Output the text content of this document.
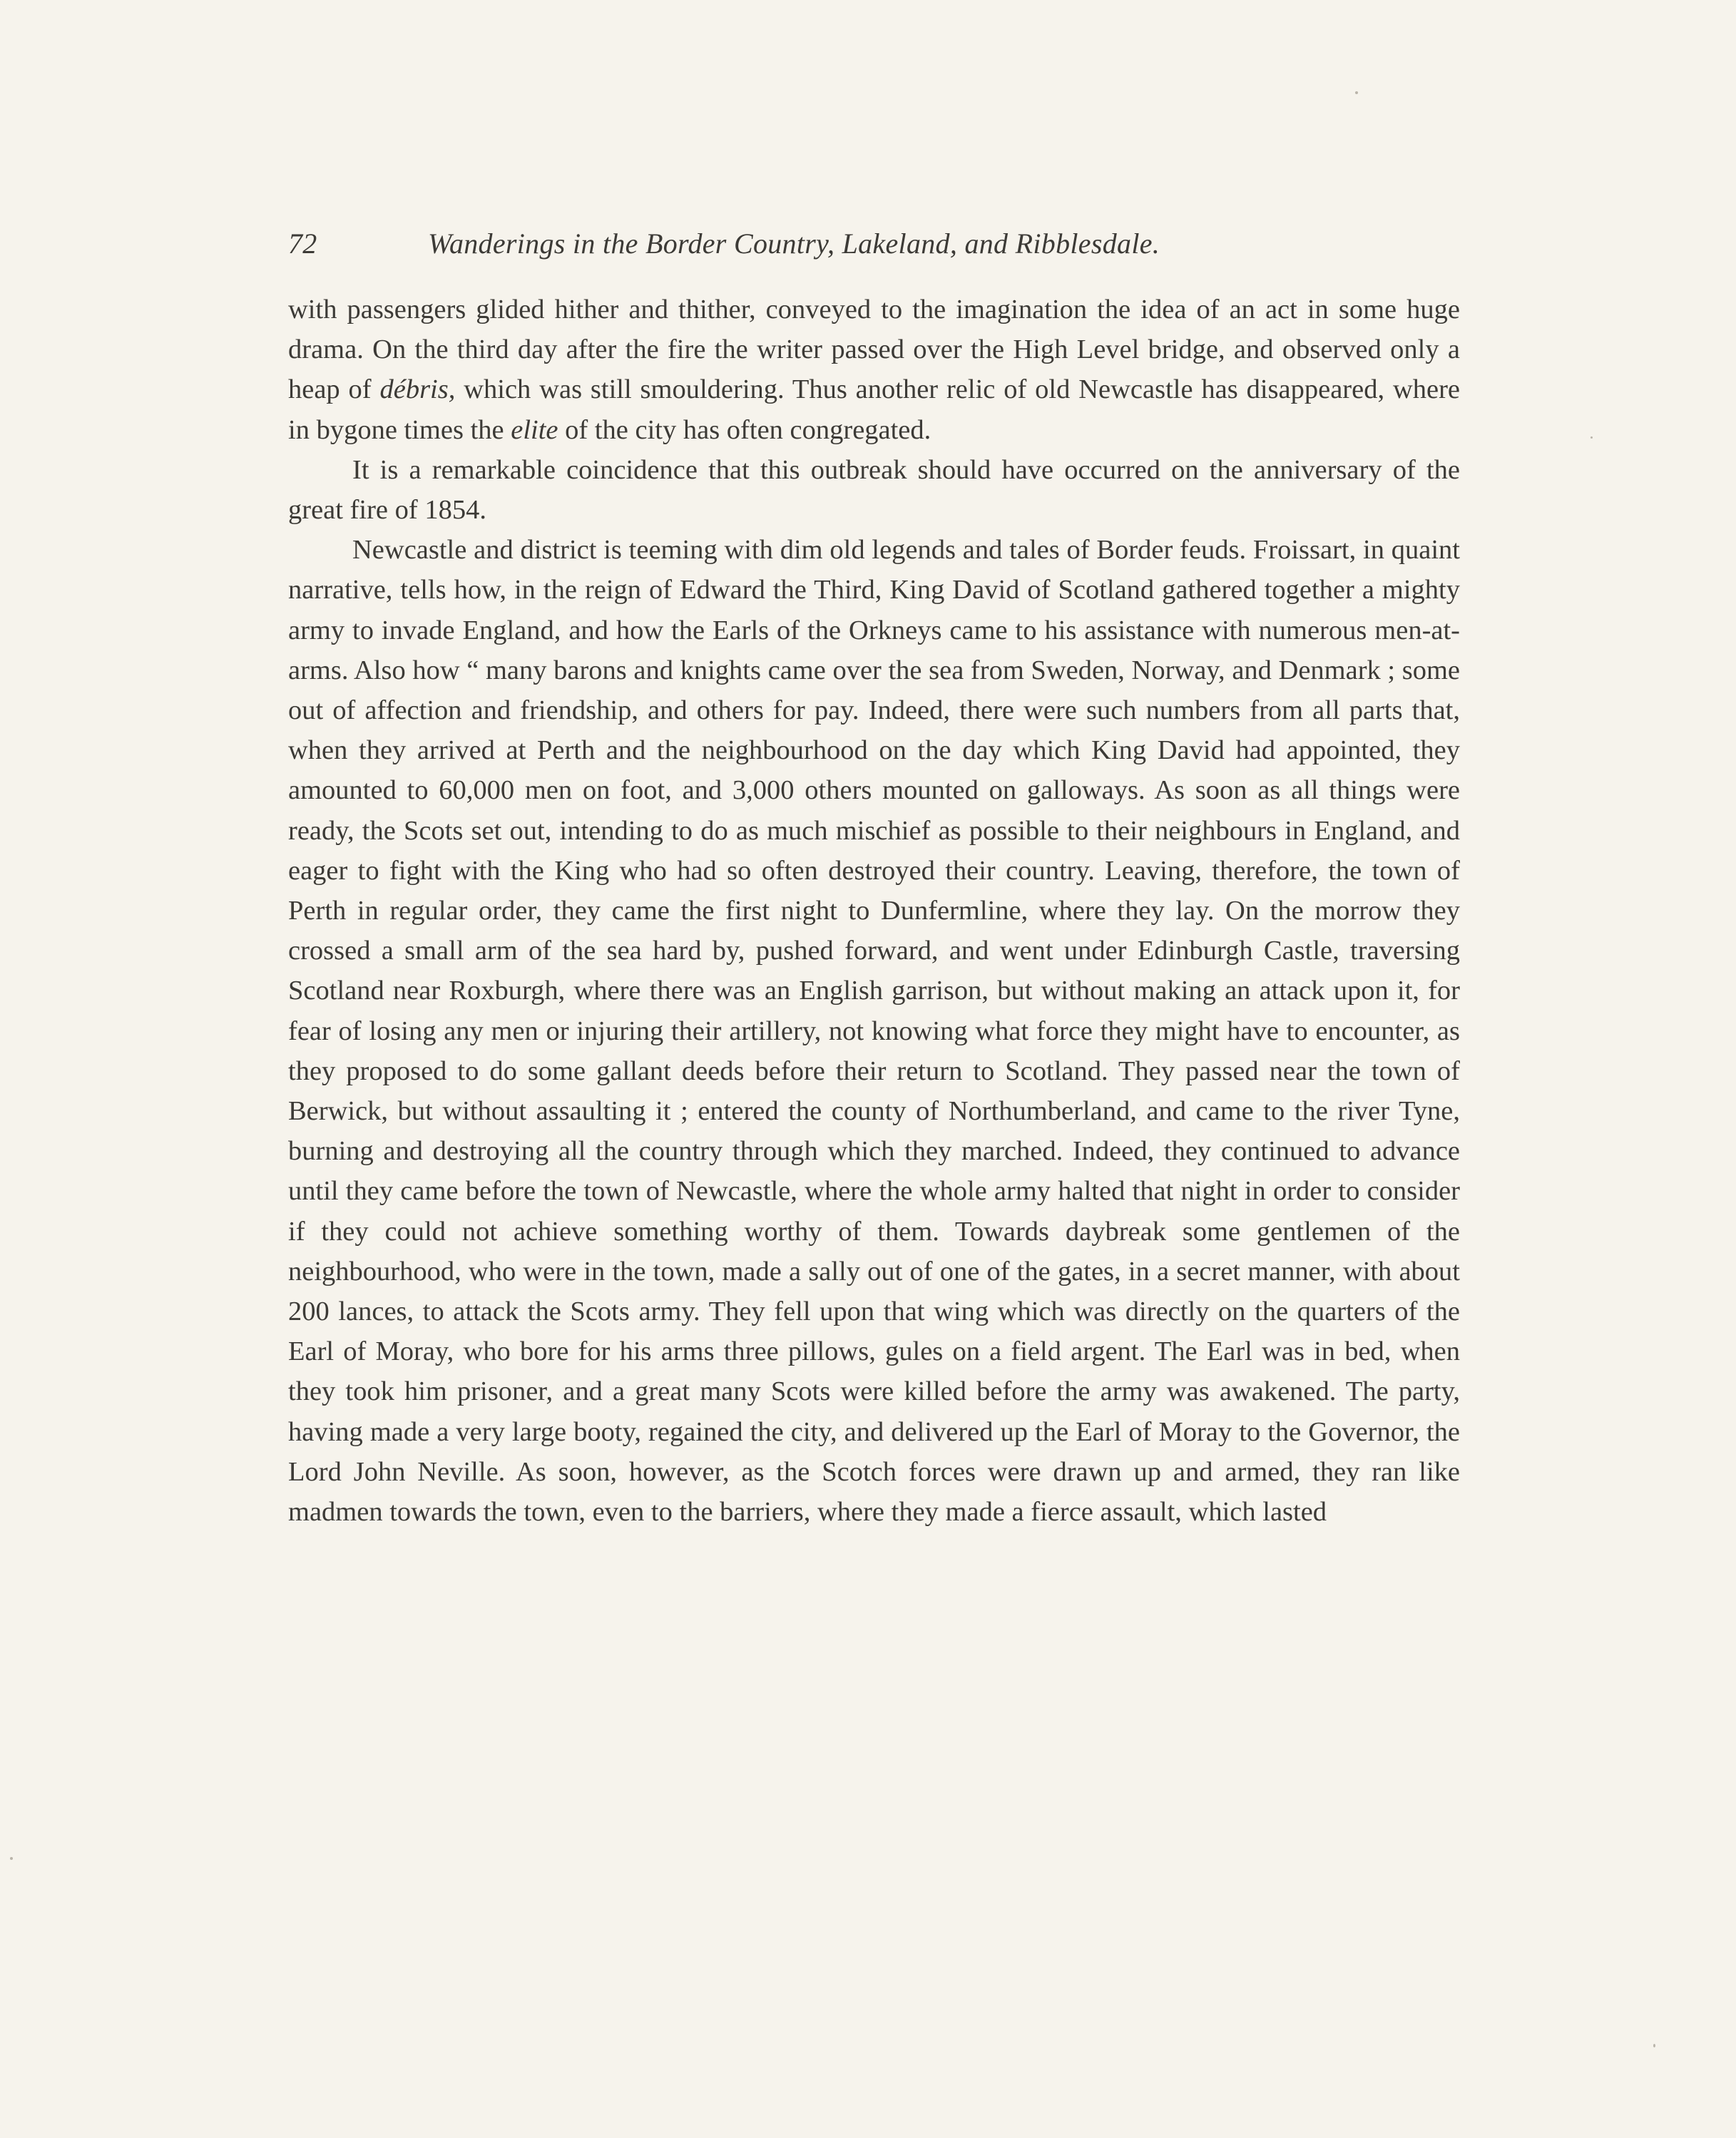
72	Wanderings in the Border Country, Lakeland, and Ribblesdale.

with passengers glided hither and thither, conveyed to the imagination the idea of an act in some huge drama. On the third day after the fire the writer passed over the High Level bridge, and observed only a heap of débris, which was still smouldering. Thus another relic of old Newcastle has disappeared, where in bygone times the elite of the city has often congregated.

It is a remarkable coincidence that this outbreak should have occurred on the anniversary of the great fire of 1854.

Newcastle and district is teeming with dim old legends and tales of Border feuds. Froissart, in quaint narrative, tells how, in the reign of Edward the Third, King David of Scotland gathered together a mighty army to invade England, and how the Earls of the Orkneys came to his assistance with numerous men-at-arms. Also how “ many barons and knights came over the sea from Sweden, Norway, and Denmark ; some out of affection and friendship, and others for pay. Indeed, there were such numbers from all parts that, when they arrived at Perth and the neighbourhood on the day which King David had appointed, they amounted to 60,000 men on foot, and 3,000 others mounted on galloways. As soon as all things were ready, the Scots set out, intending to do as much mischief as possible to their neighbours in England, and eager to fight with the King who had so often destroyed their country. Leaving, therefore, the town of Perth in regular order, they came the first night to Dunfermline, where they lay. On the morrow they crossed a small arm of the sea hard by, pushed forward, and went under Edinburgh Castle, traversing Scotland near Roxburgh, where there was an English garrison, but without making an attack upon it, for fear of losing any men or injuring their artillery, not knowing what force they might have to encounter, as they proposed to do some gallant deeds before their return to Scotland. They passed near the town of Berwick, but without assaulting it ; entered the county of Northumberland, and came to the river Tyne, burning and destroying all the country through which they marched. Indeed, they continued to advance until they came before the town of Newcastle, where the whole army halted that night in order to consider if they could not achieve something worthy of them. Towards daybreak some gentlemen of the neighbourhood, who were in the town, made a sally out of one of the gates, in a secret manner, with about 200 lances, to attack the Scots army. They fell upon that wing which was directly on the quarters of the Earl of Moray, who bore for his arms three pillows, gules on a field argent. The Earl was in bed, when they took him prisoner, and a great many Scots were killed before the army was awakened. The party, having made a very large booty, regained the city, and delivered up the Earl of Moray to the Governor, the Lord John Neville. As soon, however, as the Scotch forces were drawn up and armed, they ran like madmen towards the town, even to the barriers, where they made a fierce assault, which lasted
